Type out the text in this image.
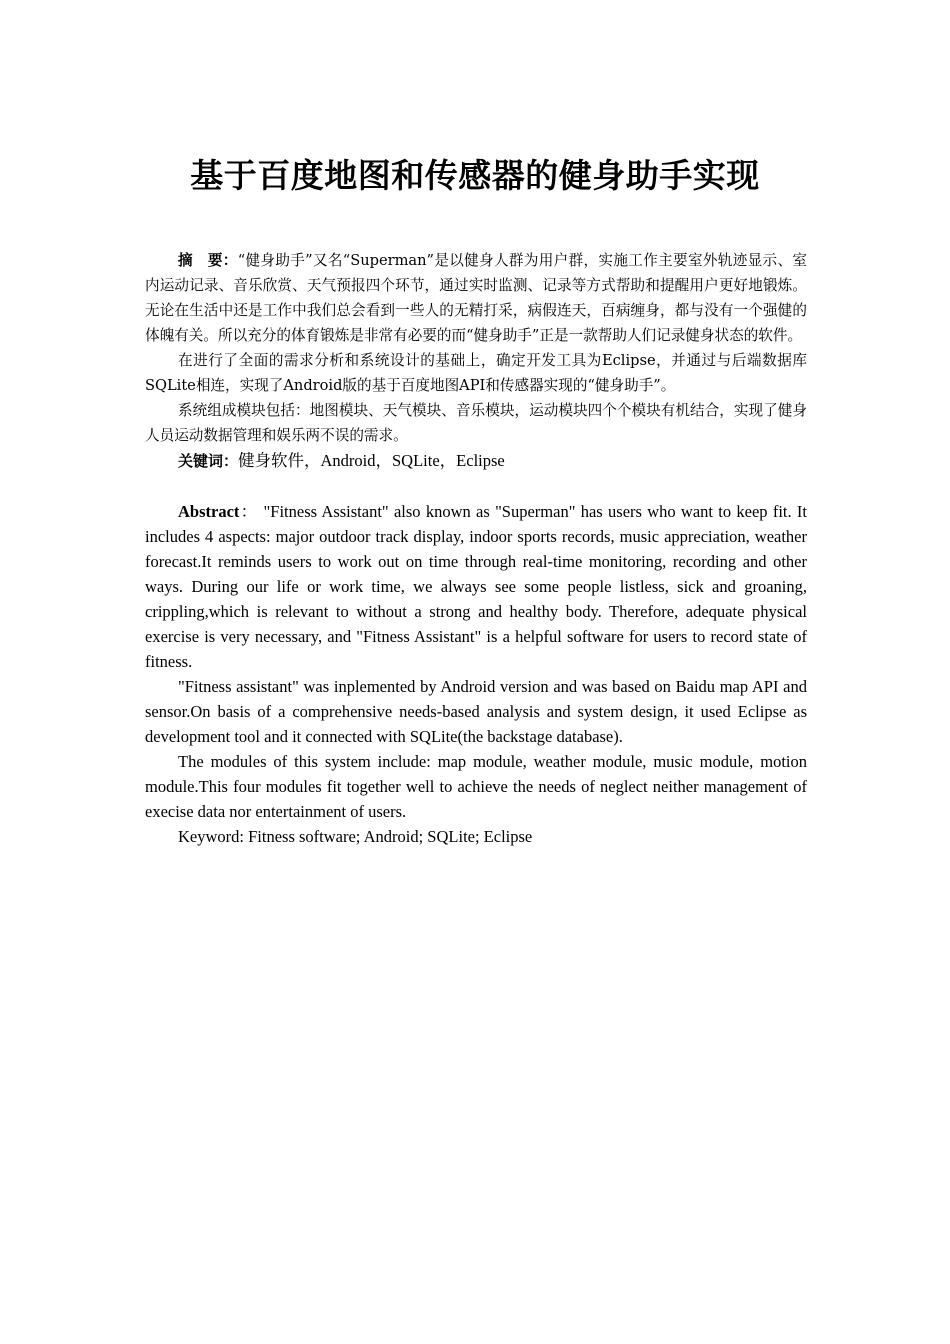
基于百度地图和传感器的健身助手实现

摘　要：“健身助手”又名“Superman”是以健身人群为用户群，实施工作主要室外轨迹显示、室内运动记录、音乐欣赏、天气预报四个环节，通过实时监测、记录等方式帮助和提醒用户更好地锻炼。无论在生活中还是工作中我们总会看到一些人的无精打采，病假连天，百病缠身，都与没有一个强健的体魄有关。所以充分的体育锻炼是非常有必要的而“健身助手”正是一款帮助人们记录健身状态的软件。

在进行了全面的需求分析和系统设计的基础上，确定开发工具为Eclipse，并通过与后端数据库SQLite相连，实现了Android版的基于百度地图API和传感器实现的“健身助手”。

系统组成模块包括：地图模块、天气模块、音乐模块，运动模块四个个模块有机结合，实现了健身人员运动数据管理和娱乐两不误的需求。

关键词：健身软件，Android，SQLite，Eclipse

Abstract： "Fitness Assistant" also known as "Superman" has users who want to keep fit. It includes 4 aspects: major outdoor track display, indoor sports records, music appreciation, weather forecast.It reminds users to work out on time through real-time monitoring, recording and other ways. During our life or work time, we always see some people listless, sick and groaning, crippling,which is relevant to without a strong and healthy body. Therefore, adequate physical exercise is very necessary, and "Fitness Assistant" is a helpful software for users to record state of fitness.

"Fitness assistant" was inplemented by Android version and was based on Baidu map API and sensor.On basis of a comprehensive needs-based analysis and system design, it used Eclipse as development tool and it connected with SQLite(the backstage database).

The modules of this system include: map module, weather module, music module, motion module.This four modules fit together well to achieve the needs of neglect neither management of execise data nor entertainment of users.

Keyword: Fitness software; Android; SQLite; Eclipse
